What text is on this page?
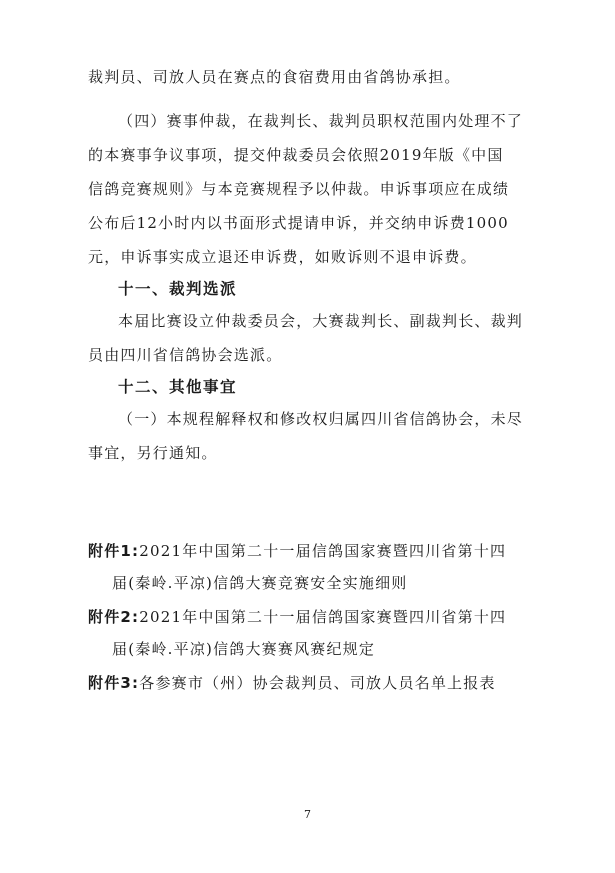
裁判员、司放人员在赛点的食宿费用由省鸽协承担。
（四）赛事仲裁，在裁判长、裁判员职权范围内处理不了
的本赛事争议事项，提交仲裁委员会依照2019年版《中国
信鸽竞赛规则》与本竞赛规程予以仲裁。申诉事项应在成绩
公布后12小时内以书面形式提请申诉，并交纳申诉费1000
元，申诉事实成立退还申诉费，如败诉则不退申诉费。
十一、裁判选派
本届比赛设立仲裁委员会，大赛裁判长、副裁判长、裁判
员由四川省信鸽协会选派。
十二、其他事宜
（一）本规程解释权和修改权归属四川省信鸽协会，未尽
事宜，另行通知。
附件1:2021年中国第二十一届信鸽国家赛暨四川省第十四
届(秦岭.平凉)信鸽大赛竞赛安全实施细则
附件2:2021年中国第二十一届信鸽国家赛暨四川省第十四
届(秦岭.平凉)信鸽大赛赛风赛纪规定
附件3:各参赛市（州）协会裁判员、司放人员名单上报表
7
